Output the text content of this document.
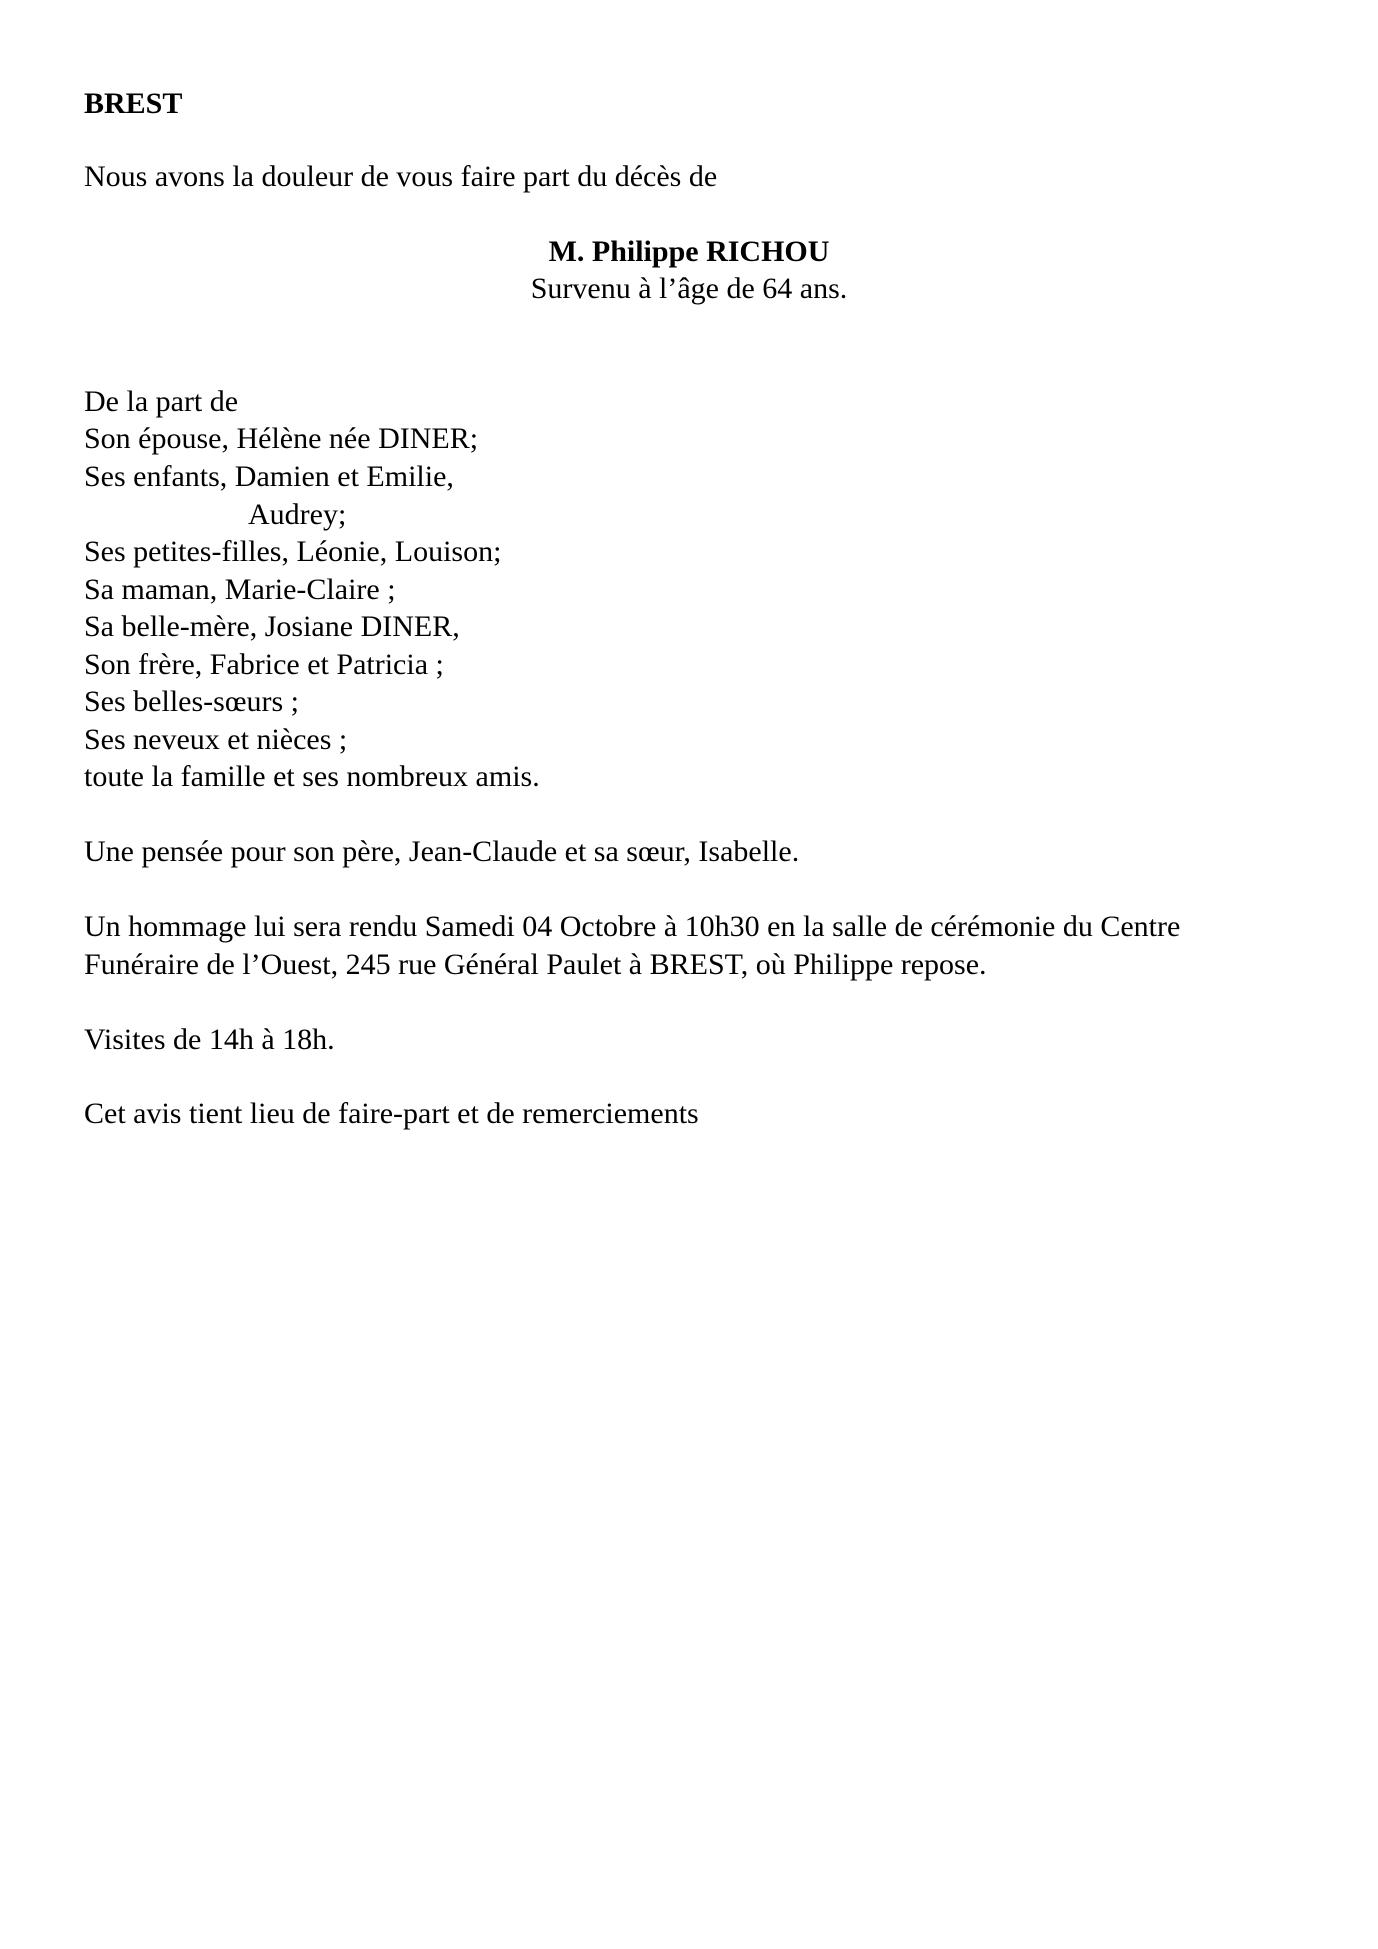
BREST
Nous avons la douleur de vous faire part du décès de
M. Philippe RICHOU
Survenu à l’âge de 64 ans.
De la part de
Son épouse, Hélène née DINER;
Ses enfants, Damien et Emilie,
Audrey;
Ses petites-filles, Léonie, Louison;
Sa maman, Marie-Claire ;
Sa belle-mère, Josiane DINER,
Son frère, Fabrice et Patricia ;
Ses belles-sœurs ;
Ses neveux et nièces ;
toute la famille et ses nombreux amis.
Une pensée pour son père, Jean-Claude et sa sœur, Isabelle.
Un hommage lui sera rendu Samedi 04 Octobre à 10h30 en la salle de cérémonie du Centre
Funéraire de l’Ouest, 245 rue Général Paulet à BREST, où Philippe repose.
Visites de 14h à 18h.
Cet avis tient lieu de faire-part et de remerciements
